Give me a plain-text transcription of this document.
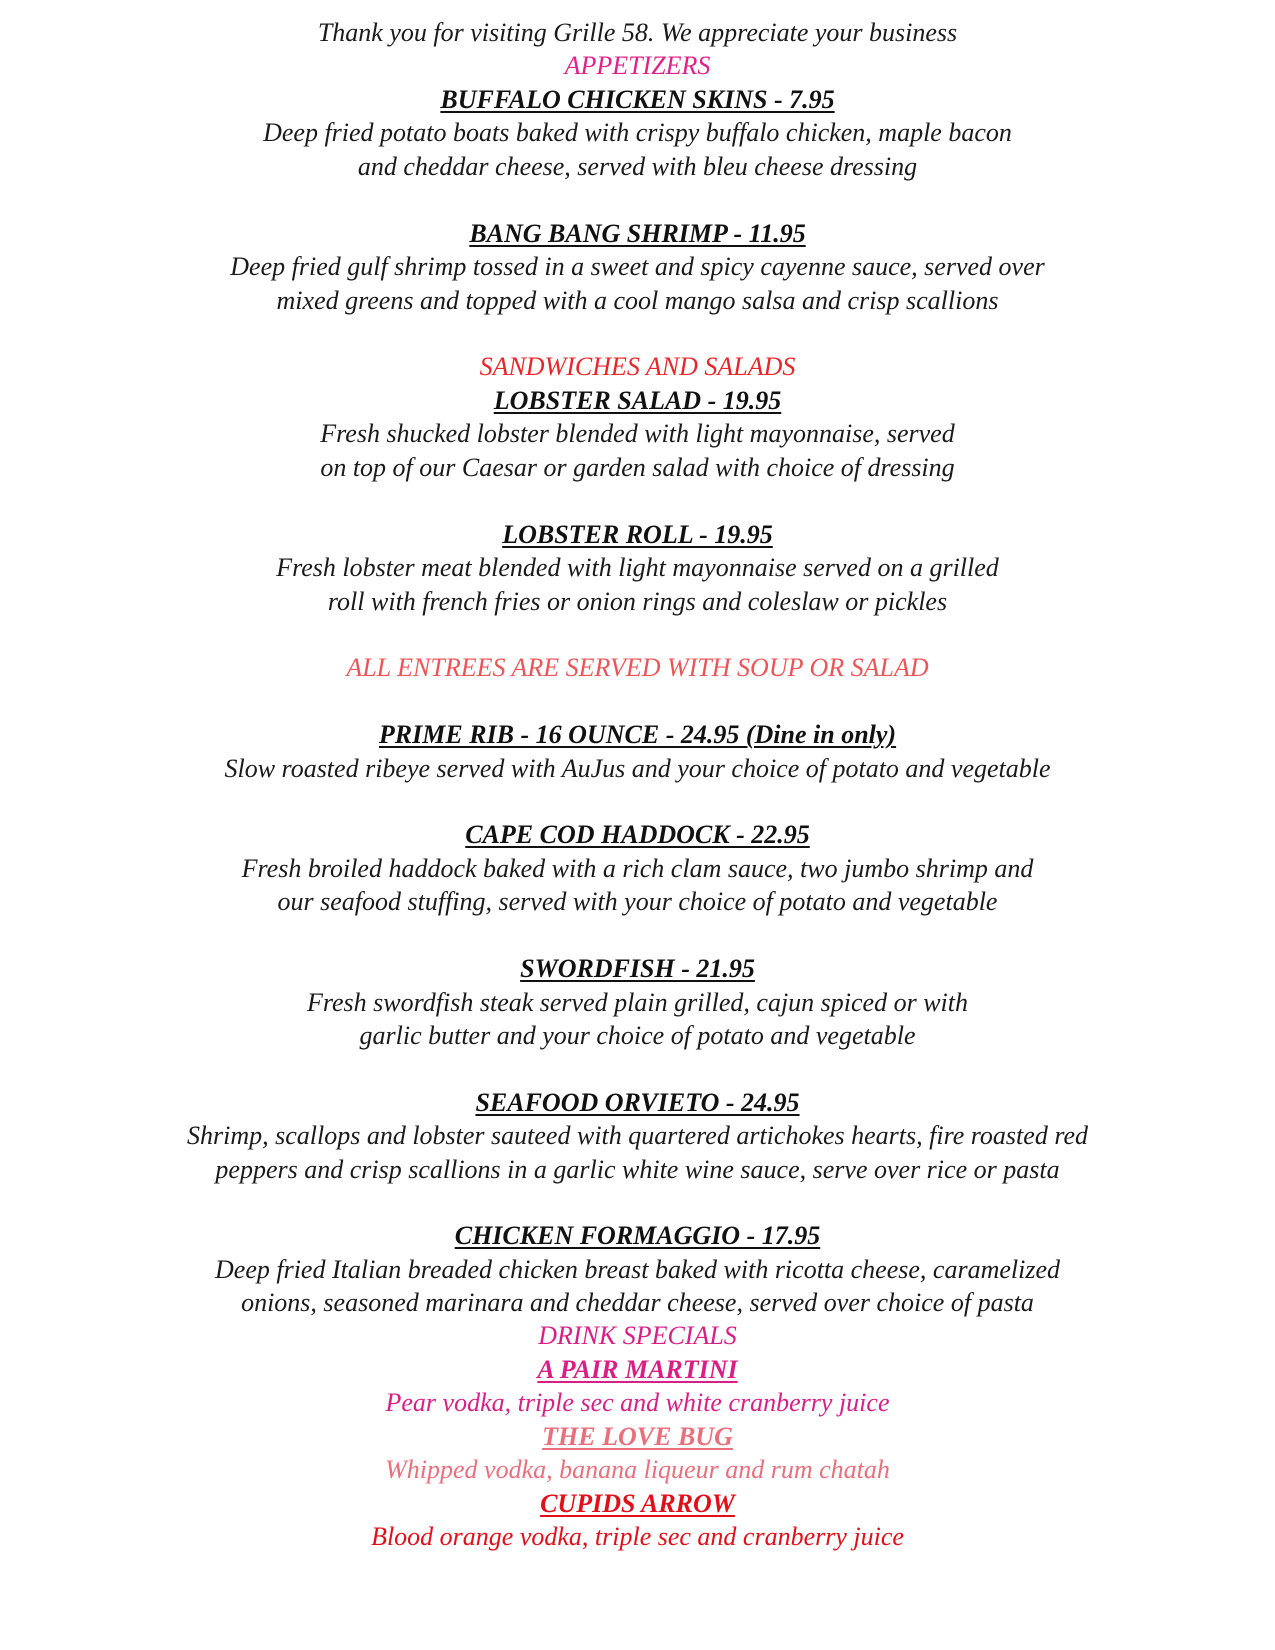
Thank you for visiting Grille 58. We appreciate your business
APPETIZERS
BUFFALO CHICKEN SKINS - 7.95
Deep fried potato boats baked with crispy buffalo chicken, maple bacon
and cheddar cheese, served with bleu cheese dressing
BANG BANG SHRIMP - 11.95
Deep fried gulf shrimp tossed in a sweet and spicy cayenne sauce, served over
mixed greens and topped with a cool mango salsa and crisp scallions
SANDWICHES AND SALADS
LOBSTER SALAD - 19.95
Fresh shucked lobster blended with light mayonnaise, served
on top of our Caesar or garden salad with choice of dressing
LOBSTER ROLL - 19.95
Fresh lobster meat blended with light mayonnaise served on a grilled
roll with french fries or onion rings and coleslaw or pickles
ALL ENTREES ARE SERVED WITH SOUP OR SALAD
PRIME RIB - 16 OUNCE - 24.95 (Dine in only)
Slow roasted ribeye served with AuJus and your choice of potato and vegetable
CAPE COD HADDOCK - 22.95
Fresh broiled haddock baked with a rich clam sauce, two jumbo shrimp and
our seafood stuffing, served with your choice of potato and vegetable
SWORDFISH - 21.95
Fresh swordfish steak served plain grilled, cajun spiced or with
garlic butter and your choice of potato and vegetable
SEAFOOD ORVIETO - 24.95
Shrimp, scallops and lobster sauteed with quartered artichokes hearts, fire roasted red
peppers and crisp scallions in a garlic white wine sauce, serve over rice or pasta
CHICKEN FORMAGGIO - 17.95
Deep fried Italian breaded chicken breast baked with ricotta cheese, caramelized
onions, seasoned marinara and cheddar cheese, served over choice of pasta
DRINK SPECIALS
A PAIR MARTINI
Pear vodka, triple sec and white cranberry juice
THE LOVE BUG
Whipped vodka, banana liqueur and rum chatah
CUPIDS ARROW
Blood orange vodka, triple sec and cranberry juice
